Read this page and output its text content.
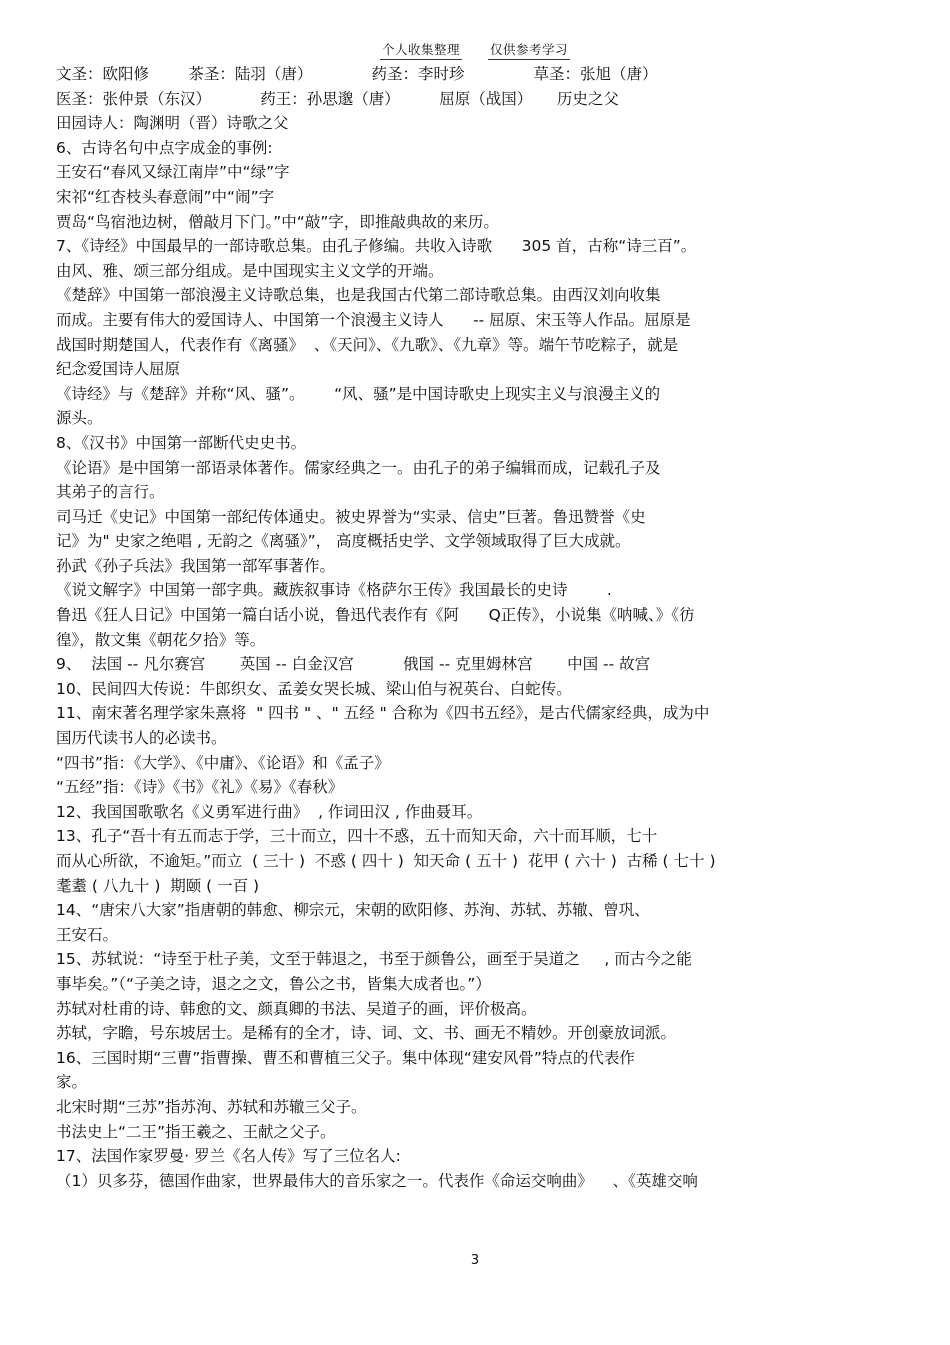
个人收集整理 仅供参考学习
文圣：欧阳修        茶圣：陆羽（唐）            药圣：李时珍              草圣：张旭（唐）
医圣：张仲景（东汉）          药王：孙思邈（唐）        屈原（战国）     历史之父
田园诗人：陶渊明（晋）诗歌之父
6、古诗名句中点字成金的事例:
王安石“春风又绿江南岸”中“绿”字
宋祁“红杏枝头春意闹”中“闹”字
贾岛“鸟宿池边树，僧敲月下门。”中“敲”字，即推敲典故的来历。
7、《诗经》中国最早的一部诗歌总集。由孔子修编。共收入诗歌      305 首，古称“诗三百”。
由风、雅、颂三部分组成。是中国现实主义文学的开端。
《楚辞》中国第一部浪漫主义诗歌总集，也是我国古代第二部诗歌总集。由西汉刘向收集
而成。主要有伟大的爱国诗人、中国第一个浪漫主义诗人      -- 屈原、宋玉等人作品。屈原是
战国时期楚国人，代表作有《离骚》  、《天问》、《九歌》、《九章》等。端午节吃粽子，就是
纪念爱国诗人屈原
《诗经》与《楚辞》并称“风、骚”。      “风、骚”是中国诗歌史上现实主义与浪漫主义的
源头。
8、《汉书》中国第一部断代史史书。
《论语》是中国第一部语录体著作。儒家经典之一。由孔子的弟子编辑而成，记载孔子及
其弟子的言行。
司马迁《史记》中国第一部纪传体通史。被史界誉为“实录、信史”巨著。鲁迅赞誉《史
记》为" 史家之绝唱 , 无韵之《离骚》”， 高度概括史学、文学领域取得了巨大成就。
孙武《孙子兵法》我国第一部军事著作。
《说文解字》中国第一部字典。藏族叙事诗《格萨尔王传》我国最长的史诗        .
鲁迅《狂人日记》中国第一篇白话小说，鲁迅代表作有《阿      Q正传》，小说集《呐喊、》《彷
徨》，散文集《朝花夕拾》等。
9、  法国 -- 凡尔赛宫       英国 -- 白金汉宫          俄国 -- 克里姆林宫       中国 -- 故宫
10、民间四大传说：牛郎织女、孟姜女哭长城、梁山伯与祝英台、白蛇传。
11、南宋著名理学家朱熹将  " 四书 " 、" 五经 " 合称为《四书五经》，是古代儒家经典，成为中
国历代读书人的必读书。
“四书”指：《大学》、《中庸》、《论语》和《孟子》
“五经”指：《诗》《书》《礼》《易》《春秋》
12、我国国歌歌名《义勇军进行曲》  , 作词田汉 , 作曲聂耳。
13、孔子“吾十有五而志于学，三十而立，四十不惑，五十而知天命，六十而耳顺，七十
而从心所欲，不逾矩。”而立  ( 三十 )  不惑 ( 四十 )  知天命 ( 五十 )  花甲 ( 六十 )  古稀 ( 七十 )
耄耋 ( 八九十 )  期颐 ( 一百 )
14、“唐宋八大家”指唐朝的韩愈、柳宗元，宋朝的欧阳修、苏洵、苏轼、苏辙、曾巩、
王安石。
15、苏轼说：“诗至于杜子美，文至于韩退之，书至于颜鲁公，画至于吴道之     , 而古今之能
事毕矣。”（“子美之诗，退之之文，鲁公之书，皆集大成者也。”）
苏轼对杜甫的诗、韩愈的文、颜真卿的书法、吴道子的画，评价极高。
苏轼，字瞻，号东坡居士。是稀有的全才，诗、词、文、书、画无不精妙。开创豪放词派。
16、三国时期“三曹”指曹操、曹丕和曹植三父子。集中体现“建安风骨”特点的代表作
家。
北宋时期“三苏”指苏洵、苏轼和苏辙三父子。
书法史上“二王”指王羲之、王献之父子。
17、法国作家罗曼· 罗兰《名人传》写了三位名人:
（1）贝多芬，德国作曲家，世界最伟大的音乐家之一。代表作《命运交响曲》    、《英雄交响
3
